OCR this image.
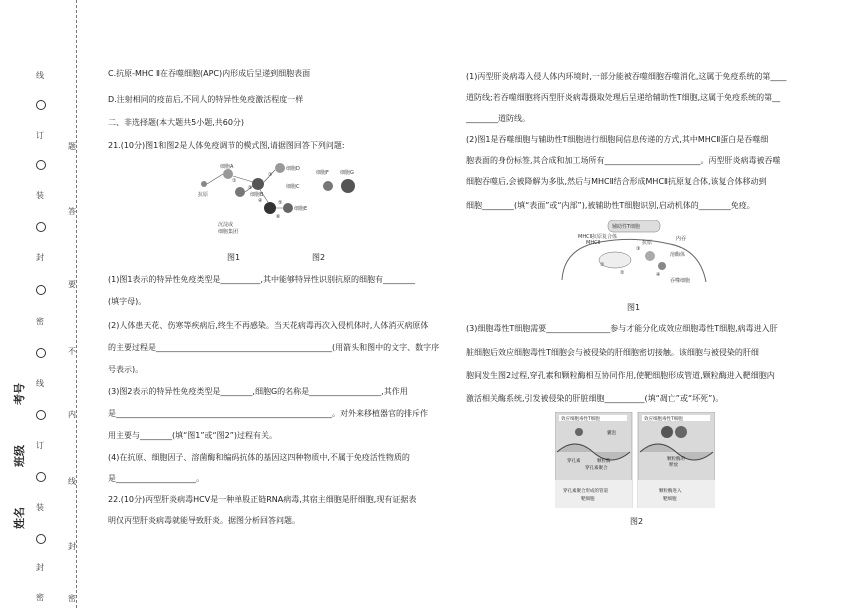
线
订
装
封
密
线
订
装
封
密
题
答
要
不
内
线
封
密
考号
班级
姓名

C.抗原-MHC Ⅱ在吞噬细胞(APC)内形成后呈递到细胞表面

D.注射相同的疫苗后,不同人的特异性免疫激活程度一样

二、非选择题(本大题共5小题,共60分)

21.(10分)图1和图2是人体免疫调节的模式图,请据图回答下列问题:

(1)图1表示的特异性免疫类型是__________,其中能够特异性识别抗原的细胞有________

(填字母)。

(2)人体患天花、伤寒等疾病后,终生不再感染。当天花病毒再次入侵机体时,人体消灭病原体

的主要过程是____________________________________________(用箭头和图中的文字、数字序

号表示)。

(3)图2表示的特异性免疫类型是________,细胞G的名称是__________________,其作用

是______________________________________________________。对外来移植器官的排斥作

用主要与________(填“图1”或“图2”)过程有关。

(4)在抗原、细胞因子、溶菌酶和编码抗体的基因这四种物质中,不属于免疫活性物质的

是____________________。

22.(10分)丙型肝炎病毒HCV是一种单股正链RNA病毒,其宿主细胞是肝细胞,现有证据表

明仅丙型肝炎病毒就能导致肝炎。据图分析回答问题。

细胞A
细胞B
细胞C
细胞D
细胞E
抗原
沉淀或
细胞集团
①
②
③
④	⑤
⑥
细胞F 细胞G
图1	图2

(1)丙型肝炎病毒入侵人体内环境时,一部分能被吞噬细胞吞噬消化,这属于免疫系统的第____

道防线;若吞噬细胞将丙型肝炎病毒摄取处理后呈递给辅助性T细胞,这属于免疫系统的第__

________道防线。

(2)图1是吞噬细胞与辅助性T细胞进行细胞间信息传递的方式,其中MHCⅡ蛋白是吞噬细

胞表面的身份标签,其合成和加工场所有________________________。丙型肝炎病毒被吞噬

细胞吞噬后,会被降解为多肽,然后与MHCⅡ结合形成MHCⅡ抗原复合体,该复合体移动到

细胞________(填“表面”或“内部”),被辅助性T细胞识别,启动机体的________免疫。

(3)细胞毒性T细胞需要________________参与才能分化成效应细胞毒性T细胞,病毒进入肝

脏细胞后效应细胞毒性T细胞会与被侵染的肝细胞密切接触。该细胞与被侵染的肝细

胞间发生图2过程,穿孔素和颗粒酶相互协同作用,使靶细胞形成管道,颗粒酶进入靶细胞内

激活相关酶系统,引发被侵染的肝脏细胞__________(填“凋亡”或“坏死”)。

辅助性T细胞
MHCⅡ抗原复合体
MHCⅡ	抗原
溶酶体
内吞
吞噬细胞
①
②
③
④
图1
效应细胞毒性T细胞	效应细胞毒性T细胞
囊泡
穿孔素	颗粒酶
穿孔素聚合
颗粒酶的
释放
穿孔素聚合形成的管道
靶细胞
颗粒酶进入
靶细胞
图2
